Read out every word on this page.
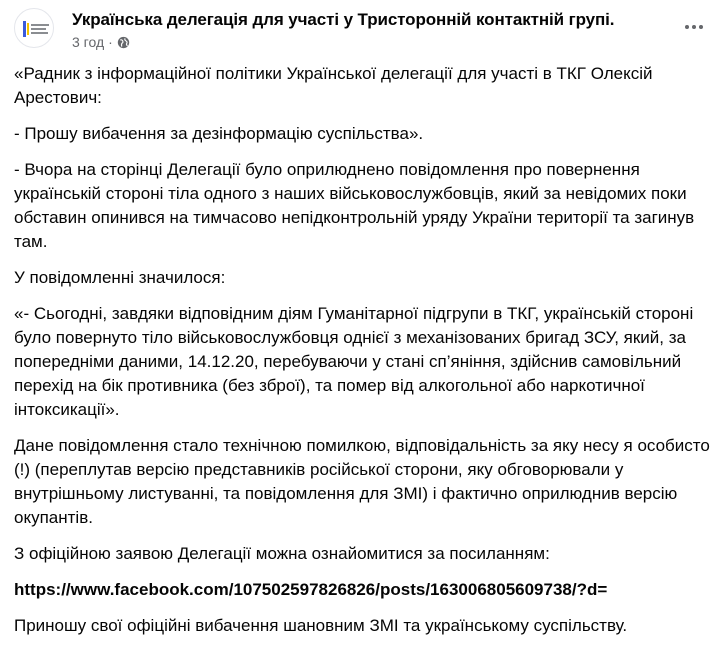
Українська делегація для участі у Тристоронній контактній групі.
3 год ·

«Радник з інформаційної політики Української делегації для участі в ТКГ Олексій Арестович:

- Прошу вибачення за дезінформацію суспільства».

- Вчора на сторінці Делегації було оприлюднено повідомлення про повернення українській стороні тіла одного з наших військовослужбовців, який за невідомих поки обставин опинився на тимчасово непідконтрольній уряду України території та загинув там.

У повідомленні значилося:

«- Сьогодні, завдяки відповідним діям Гуманітарної підгрупи в ТКГ, українській стороні було повернуто тіло військовослужбовця однієї з механізованих бригад ЗСУ, який, за попередніми даними, 14.12.20, перебуваючи у стані сп’яніння, здійснив самовільний перехід на бік противника (без зброї), та помер від алкогольної або наркотичної інтоксикації».

Дане повідомлення стало технічною помилкою, відповідальність за яку несу я особисто (!) (переплутав версію представників російської сторони, яку обговорювали у внутрішньому листуванні, та повідомлення для ЗМІ) і фактично оприлюднив версію окупантів.

З офіційною заявою Делегації можна ознайомитися за посиланням:

https://www.facebook.com/107502597826826/posts/163006805609738/?d=

Приношу свої офіційні вибачення шановним ЗМІ та українському суспільству.
